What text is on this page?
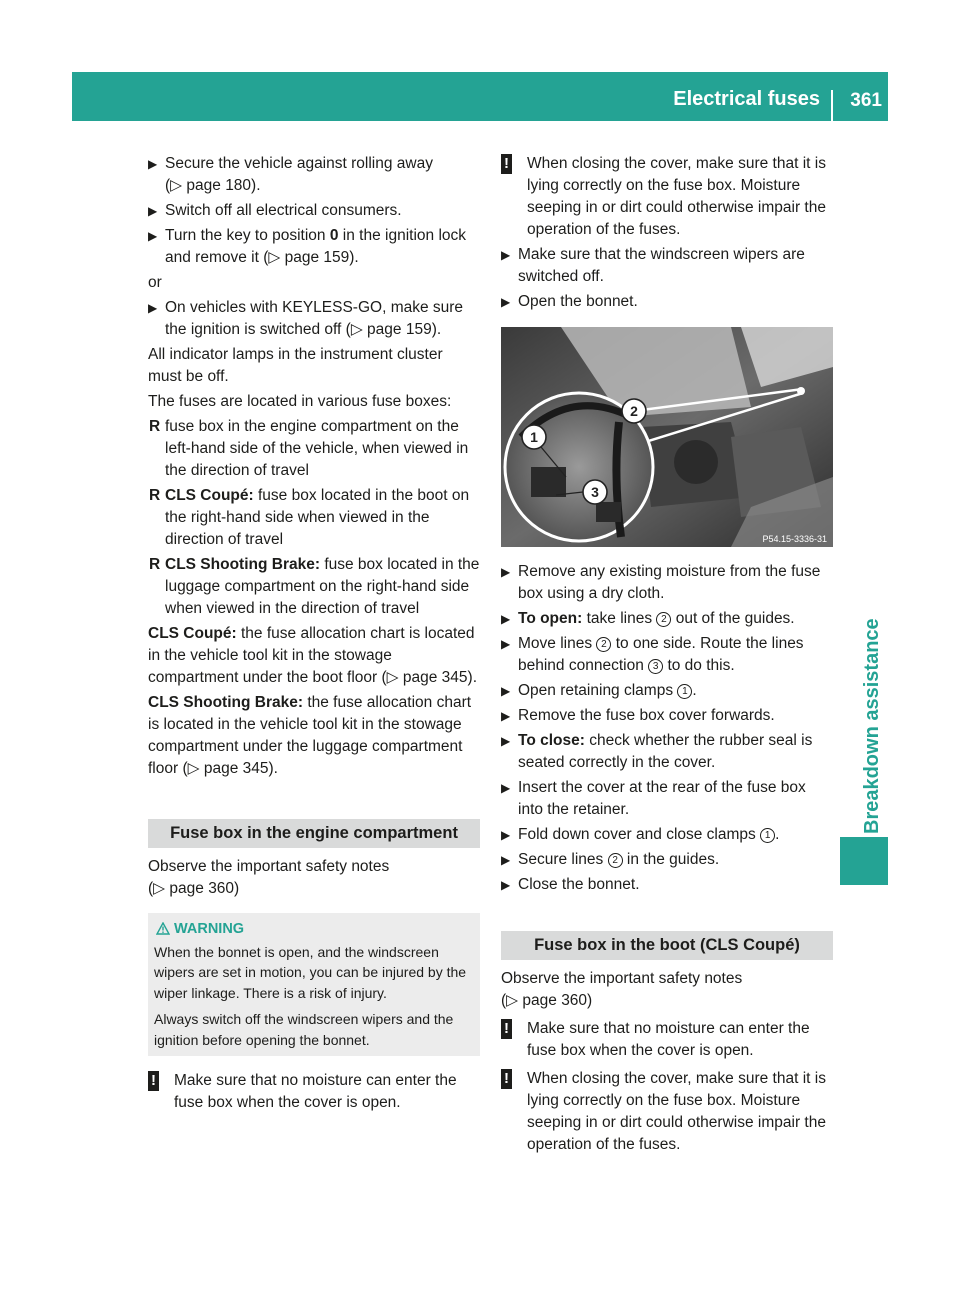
Electrical fuses 361
Breakdown assistance
▶ Secure the vehicle against rolling away
(▷ page 180).
▶ Switch off all electrical consumers.
▶ Turn the key to position 0 in the ignition lock and remove it (▷ page 159).
or
▶ On vehicles with KEYLESS-GO, make sure the ignition is switched off (▷ page 159).
All indicator lamps in the instrument cluster must be off.
The fuses are located in various fuse boxes:
R fuse box in the engine compartment on the left-hand side of the vehicle, when viewed in the direction of travel
R CLS Coupé: fuse box located in the boot on the right-hand side when viewed in the direction of travel
R CLS Shooting Brake: fuse box located in the luggage compartment on the right-hand side when viewed in the direction of travel
CLS Coupé: the fuse allocation chart is located in the vehicle tool kit in the stowage compartment under the boot floor (▷ page 345).
CLS Shooting Brake: the fuse allocation chart is located in the vehicle tool kit in the stowage compartment under the luggage compartment floor (▷ page 345).
Fuse box in the engine compartment
Observe the important safety notes
(▷ page 360)
WARNING

When the bonnet is open, and the windscreen wipers are set in motion, you can be injured by the wiper linkage. There is a risk of injury.

Always switch off the windscreen wipers and the ignition before opening the bonnet.

! Make sure that no moisture can enter the fuse box when the cover is open.
! When closing the cover, make sure that it is lying correctly on the fuse box. Moisture seeping in or dirt could otherwise impair the operation of the fuses.
▶ Make sure that the windscreen wipers are switched off.
▶ Open the bonnet.
1
2
3
P54.15-3336-31
▶ Remove any existing moisture from the fuse box using a dry cloth.
▶ To open: take lines 2 out of the guides.
▶ Move lines 2 to one side. Route the lines behind connection 3 to do this.
▶ Open retaining clamps 1 .
▶ Remove the fuse box cover forwards.
▶ To close: check whether the rubber seal is seated correctly in the cover.
▶ Insert the cover at the rear of the fuse box into the retainer.
▶ Fold down cover and close clamps 1 .
▶ Secure lines 2 in the guides.
▶ Close the bonnet.
Fuse box in the boot (CLS Coupé)
Observe the important safety notes
(▷ page 360)
! Make sure that no moisture can enter the fuse box when the cover is open.
! When closing the cover, make sure that it is lying correctly on the fuse box. Moisture seeping in or dirt could otherwise impair the operation of the fuses.
